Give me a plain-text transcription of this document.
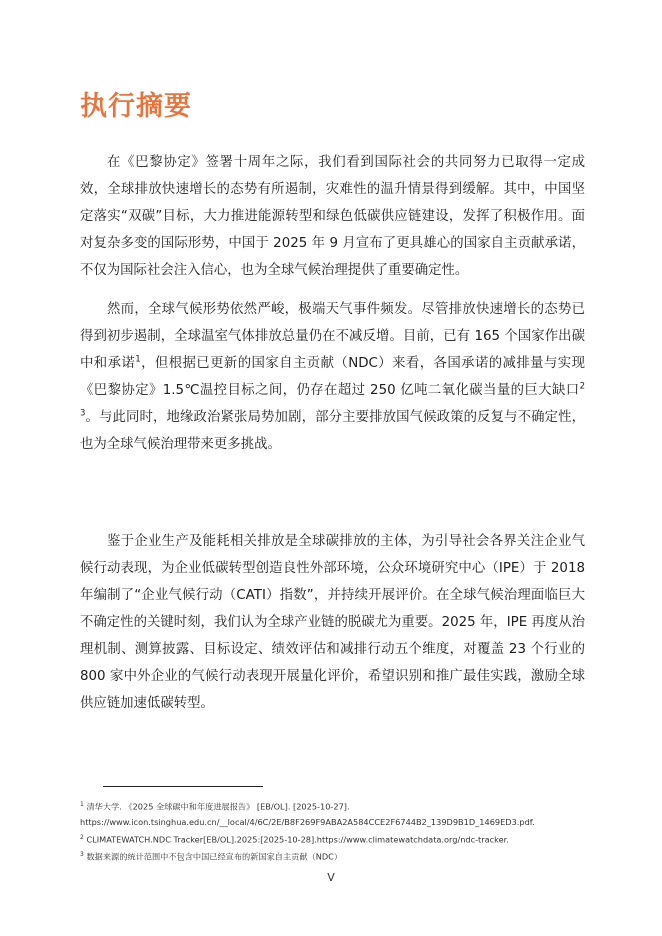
执行摘要

在《巴黎协定》签署十周年之际，我们看到国际社会的共同努力已取得一定成效，全球排放快速增长的态势有所遏制，灾难性的温升情景得到缓解。其中，中国坚定落实“双碳”目标，大力推进能源转型和绿色低碳供应链建设，发挥了积极作用。面对复杂多变的国际形势，中国于 2025 年 9 月宣布了更具雄心的国家自主贡献承诺，不仅为国际社会注入信心，也为全球气候治理提供了重要确定性。

然而，全球气候形势依然严峻，极端天气事件频发。尽管排放快速增长的态势已得到初步遏制，全球温室气体排放总量仍在不减反增。目前，已有 165 个国家作出碳中和承诺$^1$，但根据已更新的国家自主贡献（NDC）来看，各国承诺的减排量与实现《巴黎协定》1.5℃温控目标之间，仍存在超过 250 亿吨二氧化碳当量的巨大缺口$^{2 3}$。与此同时，地缘政治紧张局势加剧，部分主要排放国气候政策的反复与不确定性，也为全球气候治理带来更多挑战。

鉴于企业生产及能耗相关排放是全球碳排放的主体，为引导社会各界关注企业气候行动表现，为企业低碳转型创造良性外部环境，公众环境研究中心（IPE）于 2018 年编制了“企业气候行动（CATI）指数”，并持续开展评价。在全球气候治理面临巨大不确定性的关键时刻，我们认为全球产业链的脱碳尤为重要。2025 年，IPE 再度从治理机制、测算披露、目标设定、绩效评估和减排行动五个维度，对覆盖 23 个行业的 800 家中外企业的气候行动表现开展量化评价，希望识别和推广最佳实践，激励全球供应链加速低碳转型。

$^1$ 清华大学. 《2025 全球碳中和年度进展报告》 [EB/OL]. [2025-10-27].

https://www.icon.tsinghua.edu.cn/__local/4/6C/2E/B8F269F9ABA2A584CCE2F6744B2_139D9B1D_1469ED3.pdf.

$^2$ CLIMATEWATCH.NDC Tracker[EB/OL].2025:[2025-10-28].https://www.climatewatchdata.org/ndc-tracker.

$^3$ 数据来源的统计范围中不包含中国已经宣布的新国家自主贡献（NDC）

V
